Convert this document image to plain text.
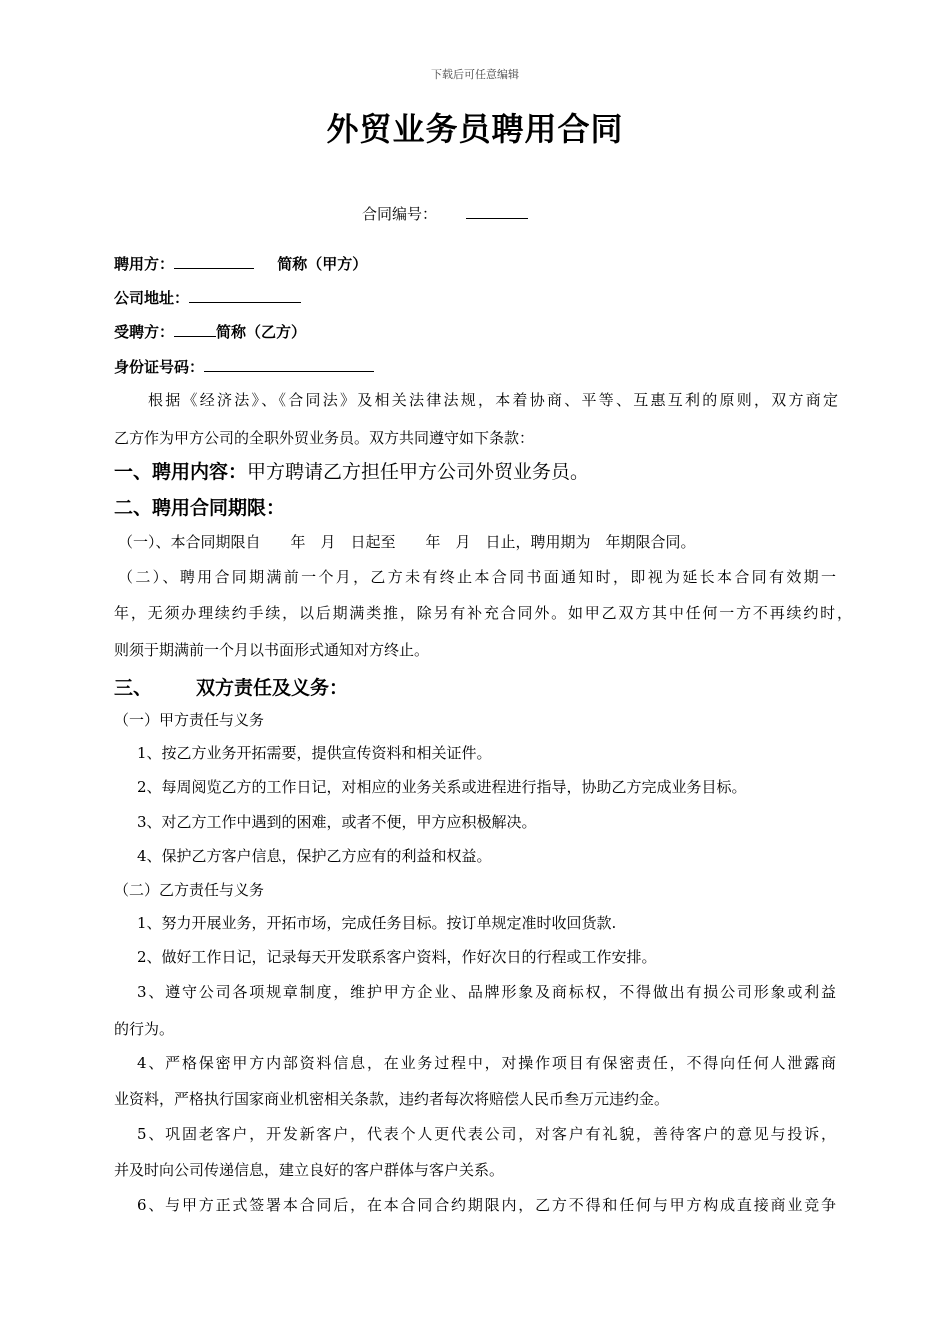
下载后可任意编辑
外贸业务员聘用合同
合同编号：
聘用方：	简称（甲方）
公司地址：
受聘方：	简称（乙方）
身份证号码：
根据《经济法》、《合同法》及相关法律法规，本着协商、平等、互惠互利的原则，双方商定
乙方作为甲方公司的全职外贸业务员。双方共同遵守如下条款：
一、聘用内容：甲方聘请乙方担任甲方公司外贸业务员。
二、聘用合同期限：
（一）、本合同期限自　　年　月　日起至　　年　月　日止，聘用期为　年期限合同。
（二）、聘用合同期满前一个月，乙方未有终止本合同书面通知时，即视为延长本合同有效期一
年，无须办理续约手续，以后期满类推，除另有补充合同外。如甲乙双方其中任何一方不再续约时，
则须于期满前一个月以书面形式通知对方终止。
三、 双方责任及义务：
（一）甲方责任与义务
1、按乙方业务开拓需要，提供宣传资料和相关证件。
2、每周阅览乙方的工作日记，对相应的业务关系或进程进行指导，协助乙方完成业务目标。
3、对乙方工作中遇到的困难，或者不便，甲方应积极解决。
4、保护乙方客户信息，保护乙方应有的利益和权益。
（二）乙方责任与义务
1、努力开展业务，开拓市场，完成任务目标。按订单规定准时收回货款.
2、做好工作日记，记录每天开发联系客户资料，作好次日的行程或工作安排。
3、遵守公司各项规章制度，维护甲方企业、品牌形象及商标权，不得做出有损公司形象或利益
的行为。
4、严格保密甲方内部资料信息，在业务过程中，对操作项目有保密责任，不得向任何人泄露商
业资料，严格执行国家商业机密相关条款，违约者每次将赔偿人民币叁万元违约金。
5、巩固老客户，开发新客户，代表个人更代表公司，对客户有礼貌，善待客户的意见与投诉，
并及时向公司传递信息，建立良好的客户群体与客户关系。
6、与甲方正式签署本合同后，在本合同合约期限内，乙方不得和任何与甲方构成直接商业竞争
